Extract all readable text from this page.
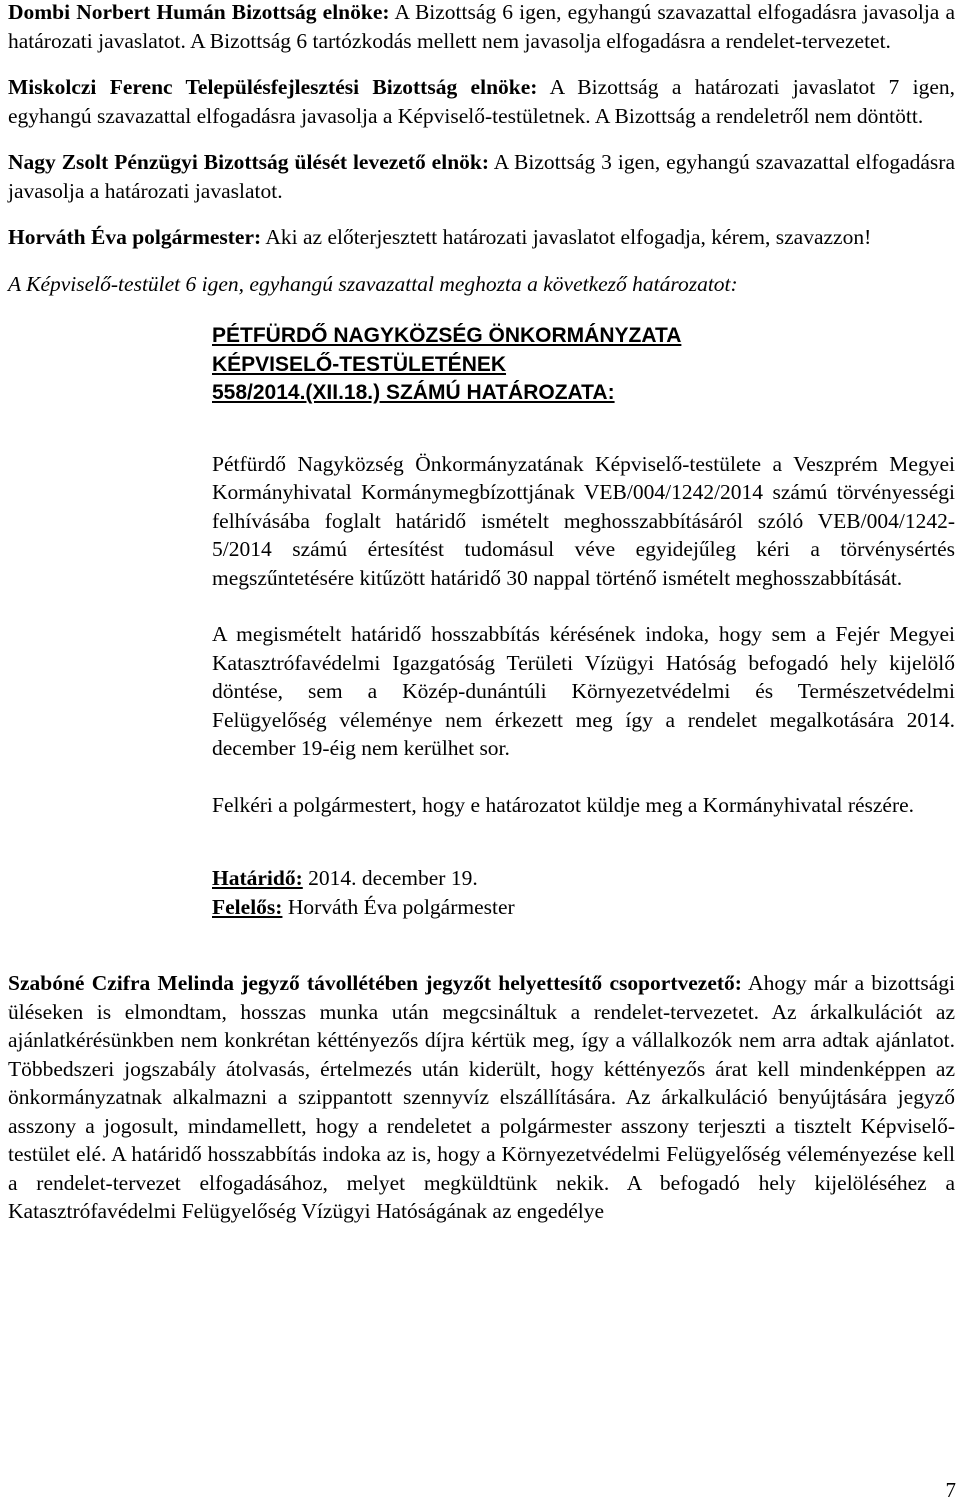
Dombi Norbert Humán Bizottság elnöke: A Bizottság 6 igen, egyhangú szavazattal elfogadásra javasolja a határozati javaslatot. A Bizottság 6 tartózkodás mellett nem javasolja elfogadásra a rendelet-tervezetet.

Miskolczi Ferenc Településfejlesztési Bizottság elnöke: A Bizottság a határozati javaslatot 7 igen, egyhangú szavazattal elfogadásra javasolja a Képviselő-testületnek. A Bizottság a rendeletről nem döntött.

Nagy Zsolt Pénzügyi Bizottság ülését levezető elnök: A Bizottság 3 igen, egyhangú szavazattal elfogadásra javasolja a határozati javaslatot.

Horváth Éva polgármester: Aki az előterjesztett határozati javaslatot elfogadja, kérem, szavazzon!

A Képviselő-testület 6 igen, egyhangú szavazattal meghozta a következő határozatot:

PÉTFÜRDŐ NAGYKÖZSÉG ÖNKORMÁNYZATA
KÉPVISELŐ-TESTÜLETÉNEK
558/2014.(XII.18.) SZÁMÚ HATÁROZATA:

Pétfürdő Nagyközség Önkormányzatának Képviselő-testülete a Veszprém Megyei Kormányhivatal Kormánymegbízottjának VEB/004/1242/2014 számú törvényességi felhívásába foglalt határidő ismételt meghosszabbításáról szóló VEB/004/1242-5/2014 számú értesítést tudomásul véve egyidejűleg kéri a törvénysértés megszűntetésére kitűzött határidő 30 nappal történő ismételt meghosszabbítását.

A megismételt határidő hosszabbítás kérésének indoka, hogy sem a Fejér Megyei Katasztrófavédelmi Igazgatóság Területi Vízügyi Hatóság befogadó hely kijelölő döntése, sem a Közép-dunántúli Környezetvédelmi és Természetvédelmi Felügyelőség véleménye nem érkezett meg így a rendelet megalkotására 2014. december 19-éig nem kerülhet sor.

Felkéri a polgármestert, hogy e határozatot küldje meg a Kormányhivatal részére.

Határidő: 2014. december 19.
Felelős: Horváth Éva polgármester

Szabóné Czifra Melinda jegyző távollétében jegyzőt helyettesítő csoportvezető: Ahogy már a bizottsági üléseken is elmondtam, hosszas munka után megcsináltuk a rendelet-tervezetet. Az árkalkulációt az ajánlatkérésünkben nem konkrétan kéttényezős díjra kértük meg, így a vállalkozók nem arra adtak ajánlatot. Többedszeri jogszabály átolvasás, értelmezés után kiderült, hogy kéttényezős árat kell mindenképpen az önkormányzatnak alkalmazni a szippantott szennyvíz elszállítására. Az árkalkuláció benyújtására jegyző asszony a jogosult, mindamellett, hogy a rendeletet a polgármester asszony terjeszti a tisztelt Képviselő-testület elé. A határidő hosszabbítás indoka az is, hogy a Környezetvédelmi Felügyelőség véleményezése kell a rendelet-tervezet elfogadásához, melyet megküldtünk nekik. A befogadó hely kijelöléséhez a Katasztrófavédelmi Felügyelőség Vízügyi Hatóságának az engedélye

7
